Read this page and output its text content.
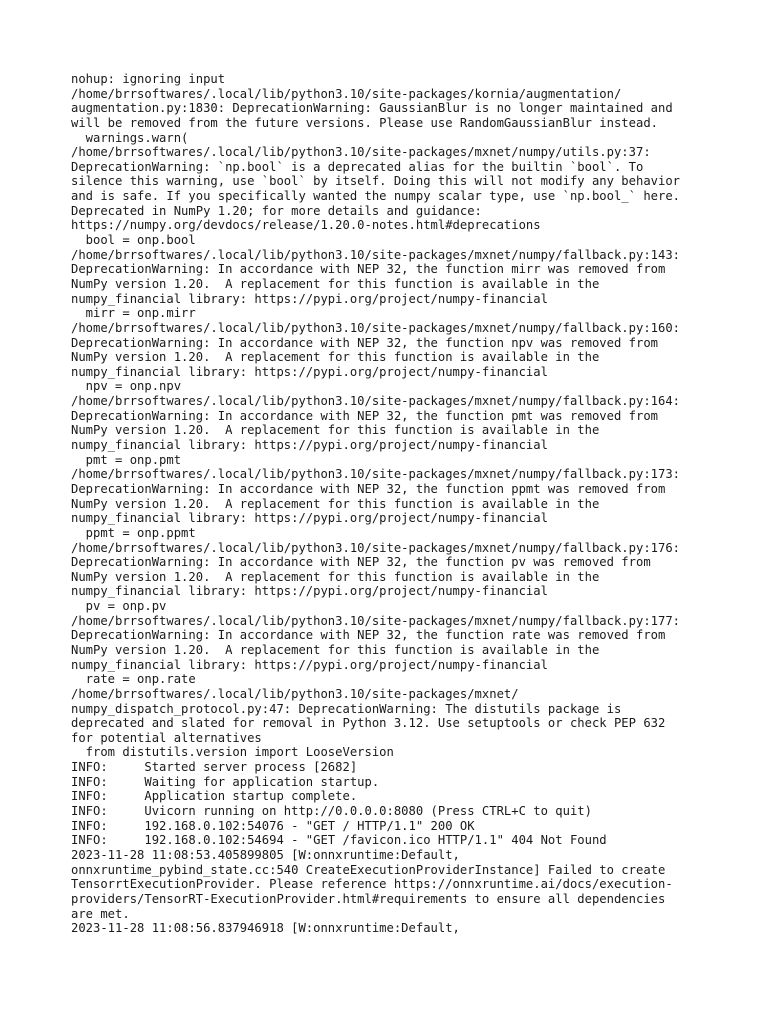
nohup: ignoring input
/home/brrsoftwares/.local/lib/python3.10/site-packages/kornia/augmentation/
augmentation.py:1830: DeprecationWarning: GaussianBlur is no longer maintained and
will be removed from the future versions. Please use RandomGaussianBlur instead.
warnings.warn(
/home/brrsoftwares/.local/lib/python3.10/site-packages/mxnet/numpy/utils.py:37:
DeprecationWarning: `np.bool` is a deprecated alias for the builtin `bool`. To
silence this warning, use `bool` by itself. Doing this will not modify any behavior
and is safe. If you specifically wanted the numpy scalar type, use `np.bool_` here.
Deprecated in NumPy 1.20; for more details and guidance:
https://numpy.org/devdocs/release/1.20.0-notes.html#deprecations
bool = onp.bool
/home/brrsoftwares/.local/lib/python3.10/site-packages/mxnet/numpy/fallback.py:143:
DeprecationWarning: In accordance with NEP 32, the function mirr was removed from
NumPy version 1.20.  A replacement for this function is available in the
numpy_financial library: https://pypi.org/project/numpy-financial
mirr = onp.mirr
/home/brrsoftwares/.local/lib/python3.10/site-packages/mxnet/numpy/fallback.py:160:
DeprecationWarning: In accordance with NEP 32, the function npv was removed from
NumPy version 1.20.  A replacement for this function is available in the
numpy_financial library: https://pypi.org/project/numpy-financial
npv = onp.npv
/home/brrsoftwares/.local/lib/python3.10/site-packages/mxnet/numpy/fallback.py:164:
DeprecationWarning: In accordance with NEP 32, the function pmt was removed from
NumPy version 1.20.  A replacement for this function is available in the
numpy_financial library: https://pypi.org/project/numpy-financial
pmt = onp.pmt
/home/brrsoftwares/.local/lib/python3.10/site-packages/mxnet/numpy/fallback.py:173:
DeprecationWarning: In accordance with NEP 32, the function ppmt was removed from
NumPy version 1.20.  A replacement for this function is available in the
numpy_financial library: https://pypi.org/project/numpy-financial
ppmt = onp.ppmt
/home/brrsoftwares/.local/lib/python3.10/site-packages/mxnet/numpy/fallback.py:176:
DeprecationWarning: In accordance with NEP 32, the function pv was removed from
NumPy version 1.20.  A replacement for this function is available in the
numpy_financial library: https://pypi.org/project/numpy-financial
pv = onp.pv
/home/brrsoftwares/.local/lib/python3.10/site-packages/mxnet/numpy/fallback.py:177:
DeprecationWarning: In accordance with NEP 32, the function rate was removed from
NumPy version 1.20.  A replacement for this function is available in the
numpy_financial library: https://pypi.org/project/numpy-financial
rate = onp.rate
/home/brrsoftwares/.local/lib/python3.10/site-packages/mxnet/
numpy_dispatch_protocol.py:47: DeprecationWarning: The distutils package is
deprecated and slated for removal in Python 3.12. Use setuptools or check PEP 632
for potential alternatives
from distutils.version import LooseVersion
INFO:     Started server process [2682]
INFO:     Waiting for application startup.
INFO:     Application startup complete.
INFO:     Uvicorn running on http://0.0.0.0:8080 (Press CTRL+C to quit)
INFO:     192.168.0.102:54076 - "GET / HTTP/1.1" 200 OK
INFO:     192.168.0.102:54694 - "GET /favicon.ico HTTP/1.1" 404 Not Found
2023-11-28 11:08:53.405899805 [W:onnxruntime:Default,
onnxruntime_pybind_state.cc:540 CreateExecutionProviderInstance] Failed to create
TensorrtExecutionProvider. Please reference https://onnxruntime.ai/docs/execution-
providers/TensorRT-ExecutionProvider.html#requirements to ensure all dependencies
are met.
2023-11-28 11:08:56.837946918 [W:onnxruntime:Default,
